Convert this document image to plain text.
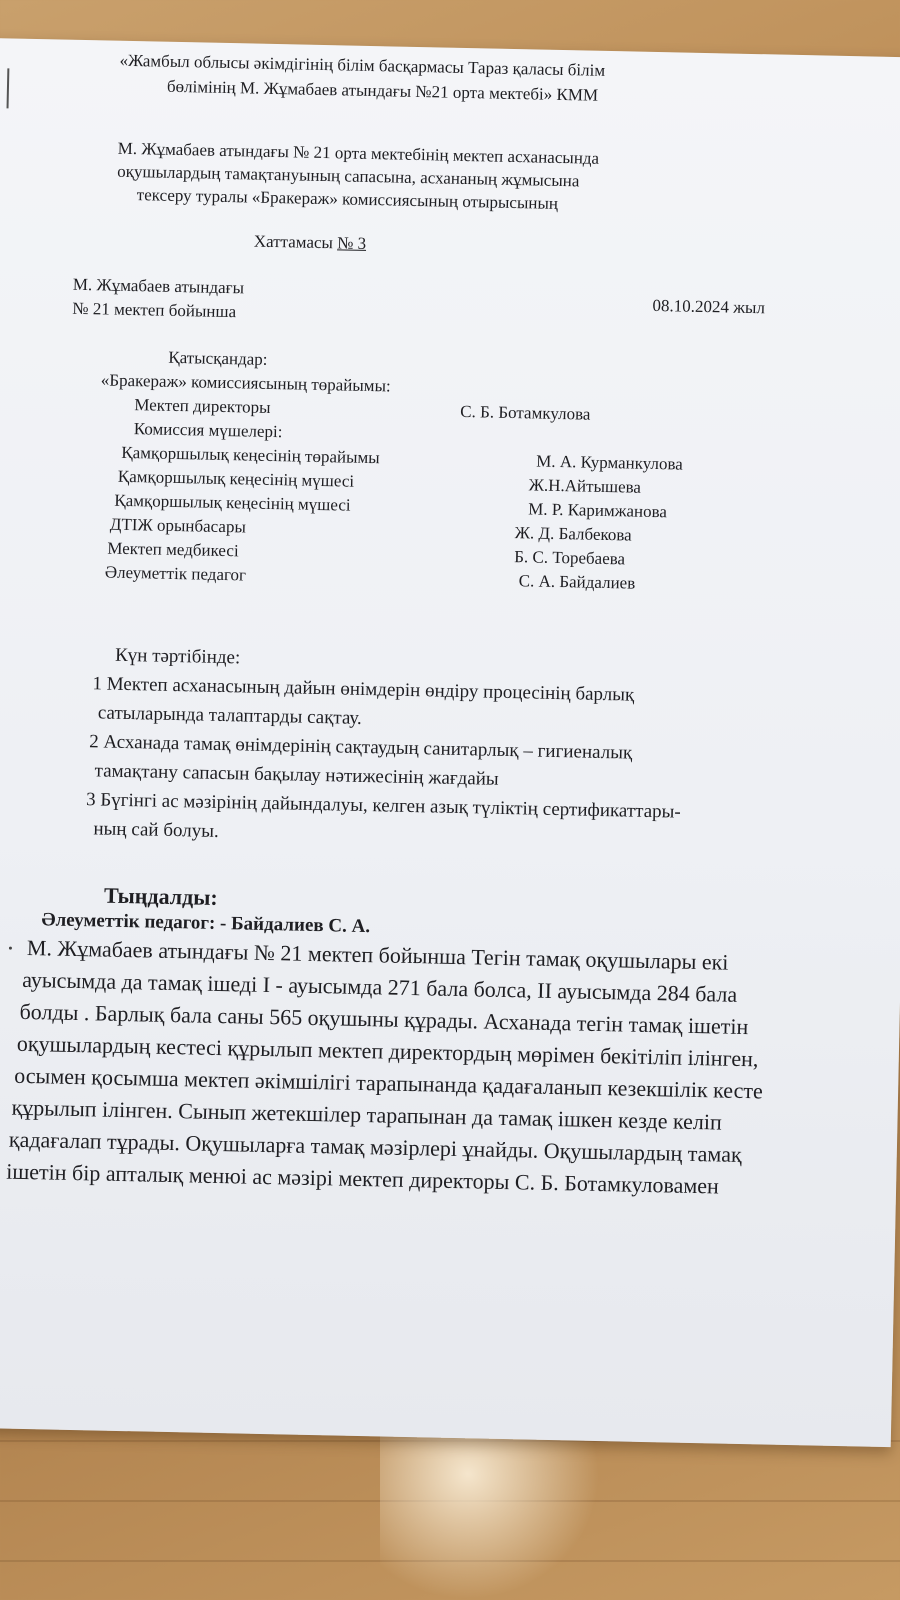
«Жамбыл облысы әкімдігінің білім басқармасы Тараз қаласы білім
бөлімінің М. Жұмабаев атындағы №21 орта мектебі» КММ
М. Жұмабаев атындағы № 21 орта мектебінің мектеп асханасында
оқушылардың тамақтануының сапасына, асхананың жұмысына
тексеру туралы «Бракераж» комиссиясының отырысының
Хаттамасы № 3
М. Жұмабаев атындағы
№ 21 мектеп бойынша	08.10.2024 жыл
Қатысқандар:
«Бракераж» комиссиясының төрайымы:
Мектеп директоры	С. Б. Ботамкулова
Комиссия мүшелері:
Қамқоршылық кеңесінің төрайымы	М. А. Курманкулова
Қамқоршылық кеңесінің мүшесі	Ж.Н.Айтышева
Қамқоршылық кеңесінің мүшесі	М. Р. Каримжанова
ДТІЖ орынбасары	Ж. Д. Балбекова
Мектеп медбикесі	Б. С. Торебаева
Әлеуметтік педагог	С. А. Байдалиев
Күн тәртібінде:
1 Мектеп асханасының дайын өнімдерін өндіру процесінің барлық
сатыларында талаптарды сақтау.
2 Асханада тамақ өнімдерінің сақтаудың санитарлық – гигиеналық
тамақтану сапасын бақылау нәтижесінің жағдайы
3 Бүгінгі ас мәзірінің дайындалуы, келген азық түліктің сертификаттары-
ның сай болуы.
Тыңдалды:
Әлеуметтік педагог: - Байдалиев С. А.
М. Жұмабаев атындағы № 21 мектеп бойынша Тегін тамақ оқушылары екі
ауысымда да тамақ ішеді I - ауысымда 271 бала болса, II ауысымда 284 бала
болды . Барлық бала саны 565 оқушыны құрады. Асханада тегін тамақ ішетін
оқушылардың кестесі құрылып мектеп директордың мөрімен бекітіліп ілінген,
осымен қосымша мектеп әкімшілігі тарапынанда қадағаланып кезекшілік кесте
құрылып ілінген. Сынып жетекшілер тарапынан да тамақ ішкен кезде келіп
қадағалап тұрады. Оқушыларға тамақ мәзірлері ұнайды. Оқушылардың тамақ
ішетін бір апталық менюі ас мәзірі мектеп директоры С. Б. Ботамкуловамен
